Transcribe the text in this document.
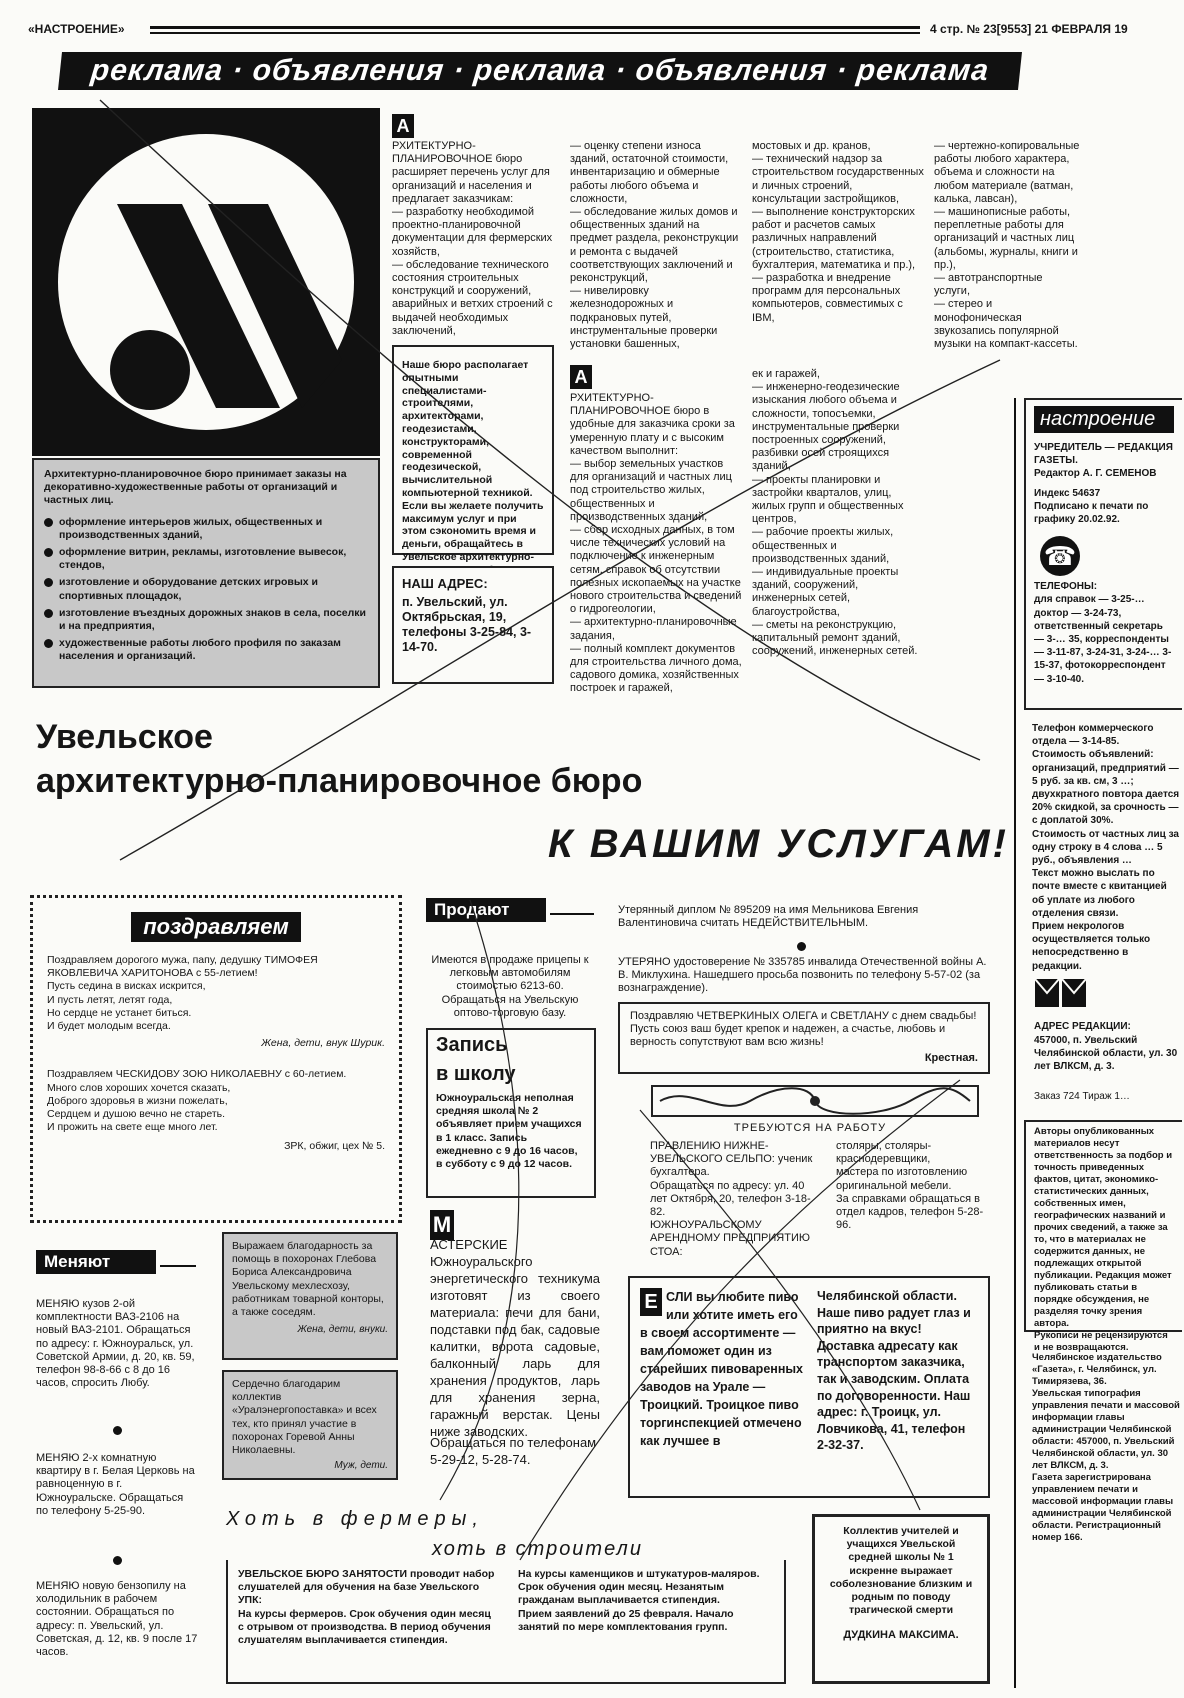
«НАСТРОЕНИЕ»	4 стр. № 23[9553] 21 ФЕВРАЛЯ 19
реклама · объявления · реклама · объявления · реклама
А
РХИТЕКТУРНО-ПЛАНИРОВОЧНОЕ бюро расширяет перечень услуг для организаций и населения и предлагает заказчикам:
— разработку необходимой проектно-планировочной документации для фермерских хозяйств,
— обследование технического состояния строительных конструкций и сооружений, аварийных и ветхих строений с выдачей необходимых заключений,
— оценку степени износа зданий, остаточной стоимости, инвентаризацию и обмерные работы любого объема и сложности,
— обследование жилых домов и общественных зданий на предмет раздела, реконструкции и ремонта с выдачей соответствующих заключений и реконструкций,
— нивелировку железнодорожных и подкрановых путей, инструментальные проверки установки башенных,
мостовых и др. кранов,
— технический надзор за строительством государственных и личных строений, консультации застройщиков,
— выполнение конструкторских работ и расчетов самых различных направлений (строительство, статистика, бухгалтерия, математика и пр.),
— разработка и внедрение программ для персональных компьютеров, совместимых с IBM,
— чертежно-копировальные работы любого характера, объема и сложности на любом материале (ватман, калька, лавсан),
— машинописные работы, переплетные работы для организаций и частных лиц (альбомы, журналы, книги и пр.),
— автотранспортные услуги,
— стерео и монофоническая звукозапись популярной музыки на компакт-кассеты.
Наше бюро располагает опытными специалистами-строителями, архитекторами, геодезистами, конструкторами, современной геодезической, вычислительной компьютерной техникой.
Если вы желаете получить максимум услуг и при этом сэкономить время и деньги, обращайтесь в Увельское архитектурно-
НАШ АДРЕС:
п. Увельский, ул. Октябрьская, 19, телефоны 3-25-84, 3-14-70.
А
РХИТЕКТУРНО-ПЛАНИРОВОЧНОЕ бюро в удобные для заказчика сроки за умеренную плату и с высоким качеством выполнит:
— выбор земельных участков для организаций и частных лиц под строительство жилых, общественных и производственных зданий,
— сбор исходных данных, в том числе технических условий на подключение к инженерным сетям, справок об отсутствии полезных ископаемых на участке нового строительства и сведений о гидрогеологии,
— архитектурно-планировочные задания,
— полный комплект документов для строительства личного дома, садового домика, хозяйственных построек и гаражей,
ек и гаражей,
— инженерно-геодезические изыскания любого объема и сложности, топосъемки, инструментальные проверки построенных сооружений, разбивки осей строящихся зданий,
— проекты планировки и застройки кварталов, улиц, жилых групп и общественных центров,
— рабочие проекты жилых, общественных и производственных зданий,
— индивидуальные проекты зданий, сооружений, инженерных сетей, благоустройства,
— сметы на реконструкцию, капитальный ремонт зданий, сооружений, инженерных сетей.
Архитектурно-планировочное бюро принимает заказы на декоративно-художественные работы от организаций и частных лиц.
оформление интерьеров жилых, общественных и производственных зданий,
оформление витрин, рекламы, изготовление вывесок, стендов,
изготовление и оборудование детских игровых и спортивных площадок,
изготовление въездных дорожных знаков в села, поселки и на предприятия,
художественные работы любого профиля по заказам населения и организаций.
Увельское
архитектурно-планировочное бюро
К ВАШИМ УСЛУГАМ!
поздравляем
Поздравляем дорогого мужа, папу, дедушку ТИМОФЕЯ ЯКОВЛЕВИЧА ХАРИТОНОВА с 55-летием!
Пусть седина в висках искрится,
И пусть летят, летят года,
Но сердце не устанет биться.
И будет молодым всегда.
Жена, дети, внук Шурик.
Поздравляем ЧЕСКИДОВУ ЗОЮ НИКОЛАЕВНУ с 60-летием.
Много слов хороших хочется сказать,
Доброго здоровья в жизни пожелать,
Сердцем и душою вечно не стареть.
И прожить на свете еще много лет.
ЗРК, обжиг, цех № 5.
Меняют
МЕНЯЮ кузов 2-ой комплектности ВАЗ-2106 на новый ВАЗ-2101. Обращаться по адресу: г. Южноуральск, ул. Советской Армии, д. 20, кв. 59, телефон 98-8-66 с 8 до 16 часов, спросить Любу.
МЕНЯЮ 2-х комнатную квартиру в г. Белая Церковь на равноценную в г. Южноуральске. Обращаться по телефону 5-25-90.
МЕНЯЮ новую бензопилу на холодильник в рабочем состоянии. Обращаться по адресу: п. Увельский, ул. Советская, д. 12, кв. 9 после 17 часов.
Выражаем благодарность за помощь в похоронах Глебова Бориса Александровича Увельскому мехлесхозу, работникам товарной конторы, а также соседям.
Жена, дети, внуки.
Сердечно благодарим коллектив «Уралэнергопоставка» и всех тех, кто принял участие в похоронах Горевой Анны Николаевны.
Муж, дети.
Продают
Имеются в продаже прицепы к легковым автомобилям стоимостью 6213-60. Обращаться на Увельскую оптово-торговую базу.
Запись
в школу
Южноуральская неполная средняя школа № 2 объявляет прием учащихся в 1 класс. Запись ежедневно с 9 до 16 часов, в субботу с 9 до 12 часов.
М
АСТЕРСКИЕ Южноуральского энергетического техникума изготовят из своего материала: печи для бани, подставки под бак, садовые калитки, ворота садовые, балконный ларь для хранения продуктов, ларь для хранения зерна, гаражный верстак. Цены ниже заводских.
Обращаться по телефонам 5-29-12, 5-28-74.
Утерянный диплом № 895209 на имя Мельникова Евгения Валентиновича считать НЕДЕЙСТВИТЕЛЬНЫМ.
УТЕРЯНО удостоверение № 335785 инвалида Отечественной войны А. В. Миклухина. Нашедшего просьба позвонить по телефону 5-57-02 (за вознаграждение).
Поздравляю ЧЕТВЕРКИНЫХ ОЛЕГА и СВЕТЛАНУ с днем свадьбы! Пусть союз ваш будет крепок и надежен, а счастье, любовь и верность сопутствуют вам всю жизнь!
Крестная.
ТРЕБУЮТСЯ НА РАБОТУ
ПРАВЛЕНИЮ НИЖНЕ-УВЕЛЬСКОГО СЕЛЬПО: ученик бухгалтера.
Обращаться по адресу: ул. 40 лет Октября, 20, телефон 3-18-82.
ЮЖНОУРАЛЬСКОМУ АРЕНДНОМУ ПРЕДПРИЯТИЮ СТОА:
столяры, столяры-краснодеревщики,
мастера по изготовлению оригинальной мебели.
За справками обращаться в отдел кадров, телефон 5-28-96.
Е СЛИ вы любите пиво или хотите иметь его в своем ассортименте — вам поможет один из старейших пивоваренных заводов на Урале — Троицкий. Троицкое пиво торгинспекцией отмечено как лучшее в
Челябинской области. Наше пиво радует глаз и приятно на вкус!
Доставка адресату как транспортом заказчика, так и заводским. Оплата по договоренности. Наш адрес: г. Троицк, ул. Ловчикова, 41, телефон 2-32-37.
Хоть в фермеры,
хоть в строители
УВЕЛЬСКОЕ БЮРО ЗАНЯТОСТИ проводит набор слушателей для обучения на базе Увельского УПК:
На курсы фермеров. Срок обучения один месяц с отрывом от производства. В период обучения слушателям выплачивается стипендия.
На курсы каменщиков и штукатуров-маляров. Срок обучения один месяц. Незанятым гражданам выплачивается стипендия.
Прием заявлений до 25 февраля. Начало занятий по мере комплектования групп.
Коллектив учителей и учащихся Увельской средней школы № 1 искренне выражает соболезнование близким и родным по поводу трагической смерти
ДУДКИНА МАКСИМА.
настроение
УЧРЕДИТЕЛЬ — РЕДАКЦИЯ ГАЗЕТЫ.
Редактор А. Г. СЕМЕНОВ
Индекс 54637
Подписано к печати по графику 20.02.92.
☎
ТЕЛЕФОНЫ:
для справок — 3-25-… доктор — 3-24-73, ответственный секретарь — 3-… 35, корреспонденты — 3-11-87, 3-24-31, 3-24-… 3-15-37, фотокорреспондент — 3-10-40.
Телефон коммерческого отдела — 3-14-85.
Стоимость объявлений: организаций, предприятий — 5 руб. за кв. см, 3 …; двухкратного повтора дается 20% скидкой, за срочность — с доплатой 30%.
Стоимость от частных лиц за одну строку в 4 слова … 5 руб., объявления …
Текст можно выслать по почте вместе с квитанцией об уплате из любого отделения связи.
Прием некрологов осуществляется только непосредственно в редакции.
АДРЕС РЕДАКЦИИ:
457000, п. Увельский Челябинской области, ул. 30 лет ВЛКСМ, д. 3.
Заказ 724 Тираж 1…
Авторы опубликованных материалов несут ответственность за подбор и точность приведенных фактов, цитат, экономико-статистических данных, собственных имен, географических названий и прочих сведений, а также за то, что в материалах не содержится данных, не подлежащих открытой публикации. Редакция может публиковать статьи в порядке обсуждения, не разделяя точку зрения автора.
Рукописи не рецензируются и не возвращаются.
Челябинское издательство «Газета», г. Челябинск, ул. Тимирязева, 36.
Увельская типография управления печати и массовой информации главы администрации Челябинской области: 457000, п. Увельский Челябинской области, ул. 30 лет ВЛКСМ, д. 3.
Газета зарегистрирована управлением печати и массовой информации главы администрации Челябинской области. Регистрационный номер 166.
